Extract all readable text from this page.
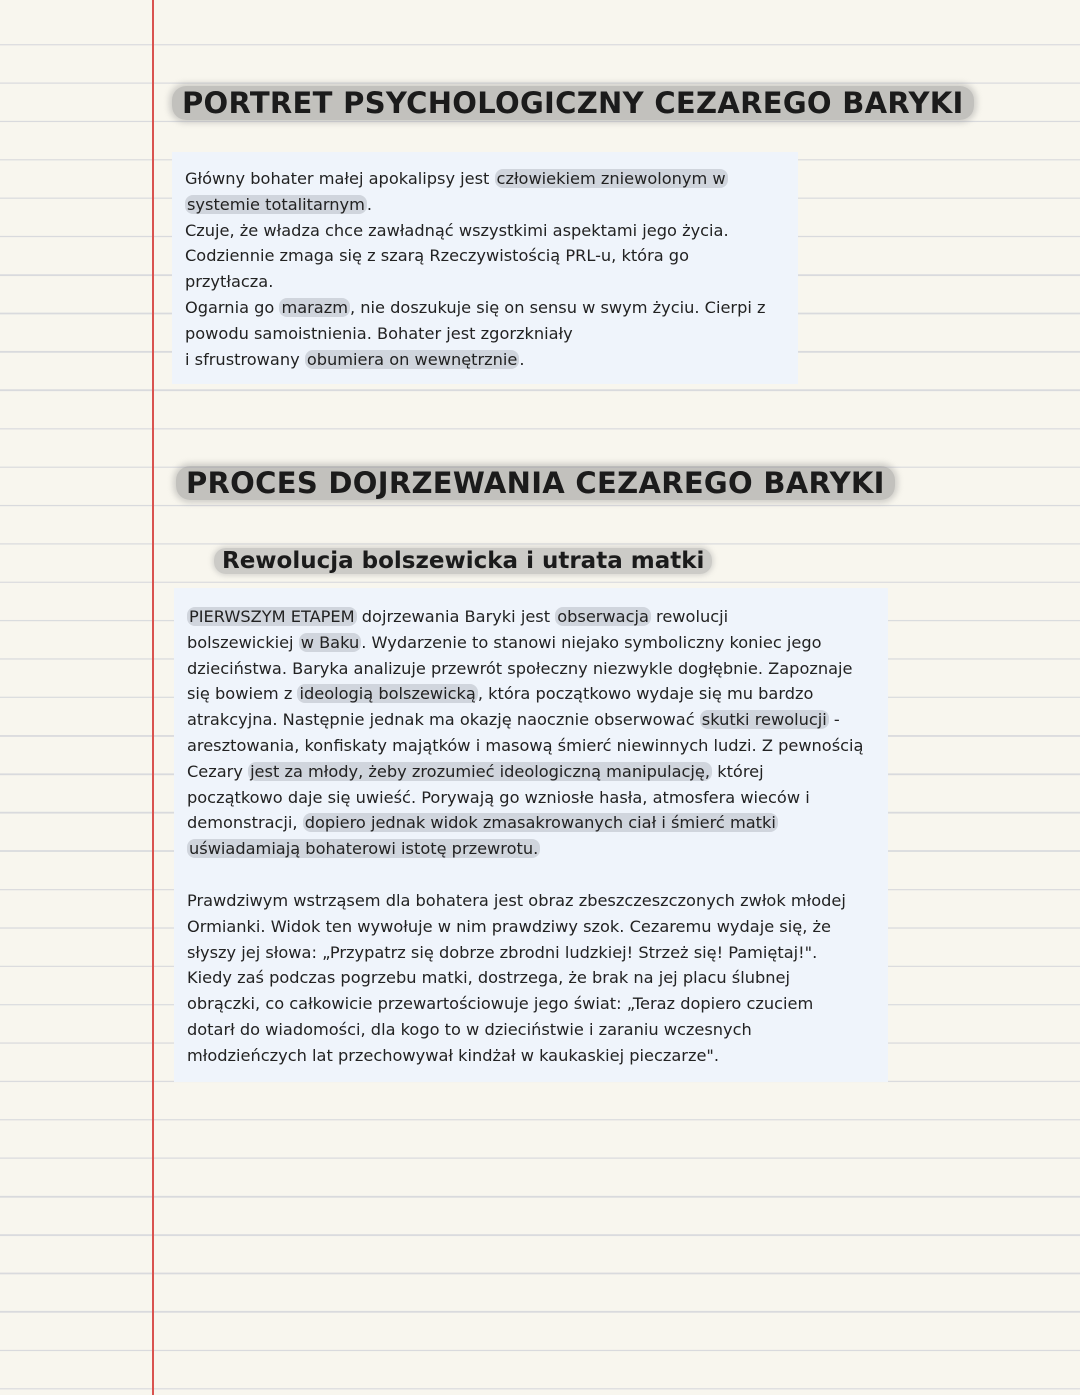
PORTRET PSYCHOLOGICZNY CEZAREGO BARYKI
Główny bohater małej apokalipsy jest człowiekiem zniewolonym w
systemie totalitarnym .
Czuje, że władza chce zawładnąć wszystkimi aspektami jego życia.
Codziennie zmaga się z szarą Rzeczywistością PRL-u, która go
przytłacza.
Ogarnia go marazm , nie doszukuje się on sensu w swym życiu. Cierpi z
powodu samoistnienia. Bohater jest zgorzkniały
i sfrustrowany obumiera on wewnętrznie .
PROCES DOJRZEWANIA CEZAREGO BARYKI
Rewolucja bolszewicka i utrata matki
PIERWSZYM ETAPEM dojrzewania Baryki jest obserwacja rewolucji
bolszewickiej w Baku . Wydarzenie to stanowi niejako symboliczny koniec jego
dzieciństwa. Baryka analizuje przewrót społeczny niezwykle dogłębnie. Zapoznaje
się bowiem z ideologią bolszewicką , która początkowo wydaje się mu bardzo
atrakcyjna. Następnie jednak ma okazję naocznie obserwować skutki rewolucji -
aresztowania, konfiskaty majątków i masową śmierć niewinnych ludzi. Z pewnością
Cezary jest za młody, żeby zrozumieć ideologiczną manipulację, której
początkowo daje się uwieść. Porywają go wzniosłe hasła, atmosfera wieców i
demonstracji, dopiero jednak widok zmasakrowanych ciał i śmierć matki
uświadamiają bohaterowi istotę przewrotu.
Prawdziwym wstrząsem dla bohatera jest obraz zbeszczeszczonych zwłok młodej
Ormianki. Widok ten wywołuje w nim prawdziwy szok. Cezaremu wydaje się, że
słyszy jej słowa: „Przypatrz się dobrze zbrodni ludzkiej! Strzeż się! Pamiętaj!".
Kiedy zaś podczas pogrzebu matki, dostrzega, że brak na jej placu ślubnej
obrączki, co całkowicie przewartościowuje jego świat: „Teraz dopiero czuciem
dotarł do wiadomości, dla kogo to w dzieciństwie i zaraniu wczesnych
młodzieńczych lat przechowywał kindżał w kaukaskiej pieczarze".
